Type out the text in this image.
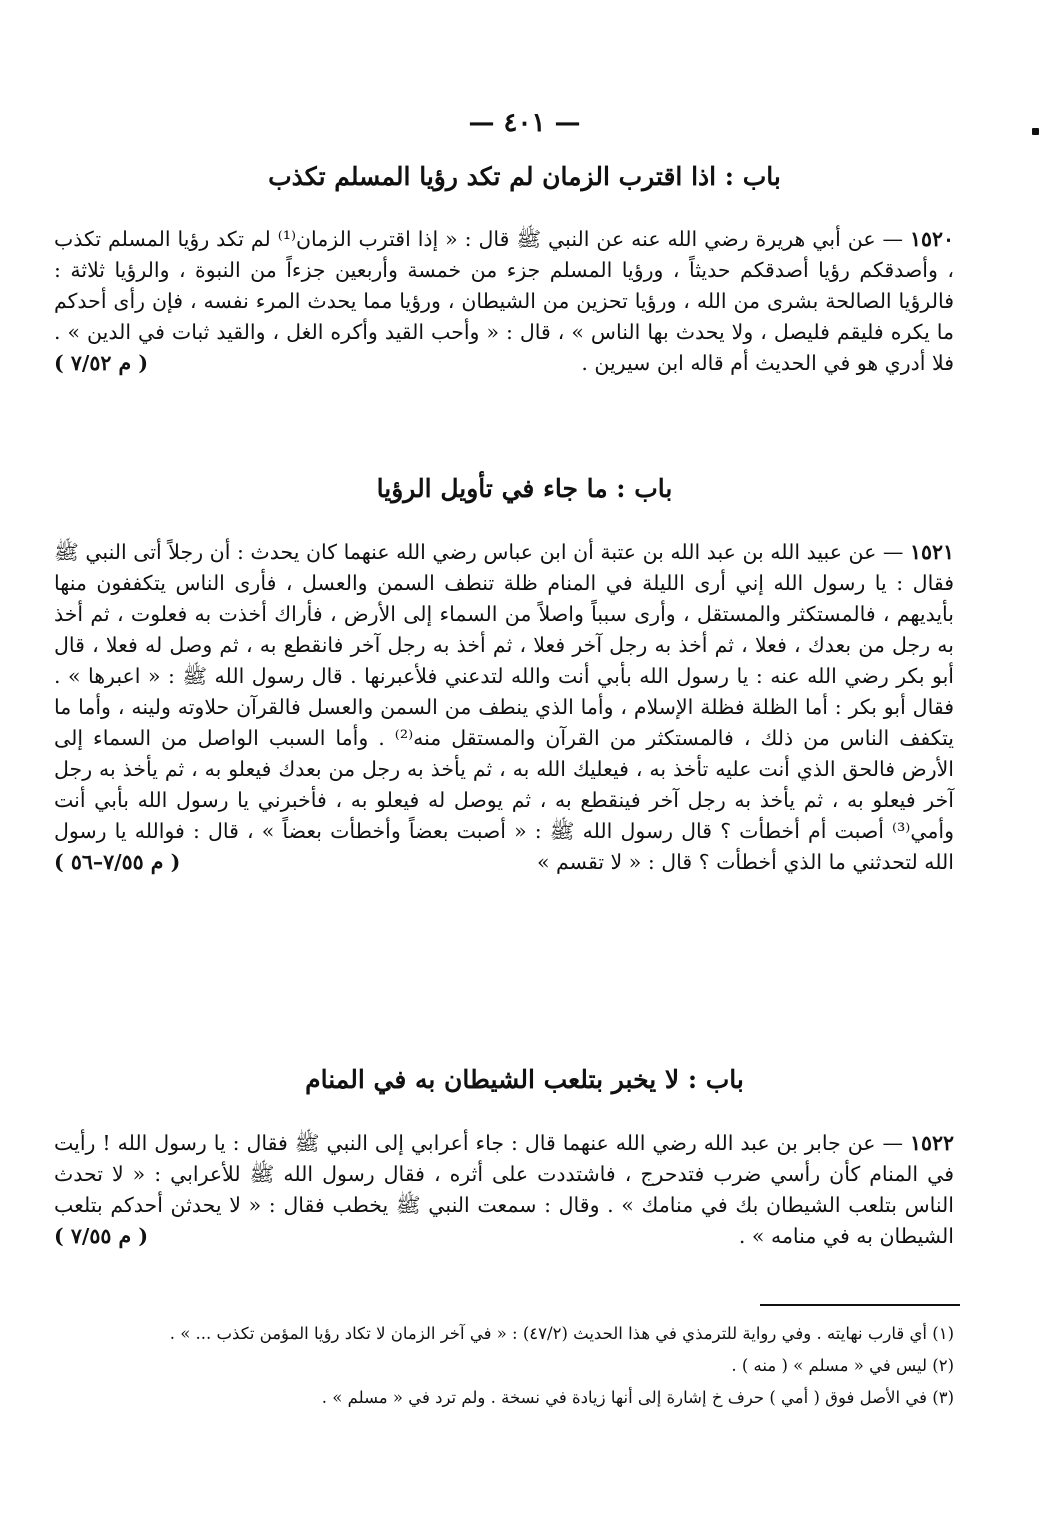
— ٤٠١ —
باب : اذا اقترب الزمان لم تكد رؤيا المسلم تكذب
١٥٢٠ — عن أبي هريرة رضي الله عنه عن النبي ﷺ قال : « إذا اقترب الزمان⁽¹⁾ لم تكد رؤيا المسلم تكذب ، وأصدقكم رؤيا أصدقكم حديثاً ، ورؤيا المسلم جزء من خمسة وأربعين جزءاً من النبوة ، والرؤيا ثلاثة : فالرؤيا الصالحة بشرى من الله ، ورؤيا تحزين من الشيطان ، ورؤيا مما يحدث المرء نفسه ، فإن رأى أحدكم ما يكره فليقم فليصل ، ولا يحدث بها الناس » ، قال : « وأحب القيد وأكره الغل ، والقيد ثبات في الدين » . فلا أدري هو في الحديث أم قاله ابن سيرين .
( م ٧/٥٢ )
باب : ما جاء في تأويل الرؤيا
١٥٢١ — عن عبيد الله بن عبد الله بن عتبة أن ابن عباس رضي الله عنهما كان يحدث : أن رجلاً أتى النبي ﷺ فقال : يا رسول الله إني أرى الليلة في المنام ظلة تنطف السمن والعسل ، فأرى الناس يتكففون منها بأيديهم ، فالمستكثر والمستقل ، وأرى سبباً واصلاً من السماء إلى الأرض ، فأراك أخذت به فعلوت ، ثم أخذ به رجل من بعدك ، فعلا ، ثم أخذ به رجل آخر فعلا ، ثم أخذ به رجل آخر فانقطع به ، ثم وصل له فعلا ، قال أبو بكر رضي الله عنه : يا رسول الله بأبي أنت والله لتدعني فلأعبرنها . قال رسول الله ﷺ : « اعبرها » . فقال أبو بكر : أما الظلة فظلة الإسلام ، وأما الذي ينطف من السمن والعسل فالقرآن حلاوته ولينه ، وأما ما يتكفف الناس من ذلك ، فالمستكثر من القرآن والمستقل منه⁽²⁾ . وأما السبب الواصل من السماء إلى الأرض فالحق الذي أنت عليه تأخذ به ، فيعليك الله به ، ثم يأخذ به رجل من بعدك فيعلو به ، ثم يأخذ به رجل آخر فيعلو به ، ثم يأخذ به رجل آخر فينقطع به ، ثم يوصل له فيعلو به ، فأخبرني يا رسول الله بأبي أنت وأمي⁽³⁾ أصبت أم أخطأت ؟ قال رسول الله ﷺ : « أصبت بعضاً وأخطأت بعضاً » ، قال : فوالله يا رسول الله لتحدثني ما الذي أخطأت ؟ قال : « لا تقسم »
( م ٧/٥٥–٥٦ )
باب : لا يخبر بتلعب الشيطان به في المنام
١٥٢٢ — عن جابر بن عبد الله رضي الله عنهما قال : جاء أعرابي إلى النبي ﷺ فقال : يا رسول الله ! رأيت في المنام كأن رأسي ضرب فتدحرج ، فاشتددت على أثره ، فقال رسول الله ﷺ للأعرابي : « لا تحدث الناس بتلعب الشيطان بك في منامك » . وقال : سمعت النبي ﷺ يخطب فقال : « لا يحدثن أحدكم بتلعب الشيطان به في منامه » .
( م ٧/٥٥ )
(١) أي قارب نهايته . وفي رواية للترمذي في هذا الحديث (٤٧/٢) : « في آخر الزمان لا تكاد رؤيا المؤمن تكذب ... » .
(٢) ليس في « مسلم » ( منه ) .
(٣) في الأصل فوق ( أمي ) حرف خ إشارة إلى أنها زيادة في نسخة . ولم ترد في « مسلم » .
